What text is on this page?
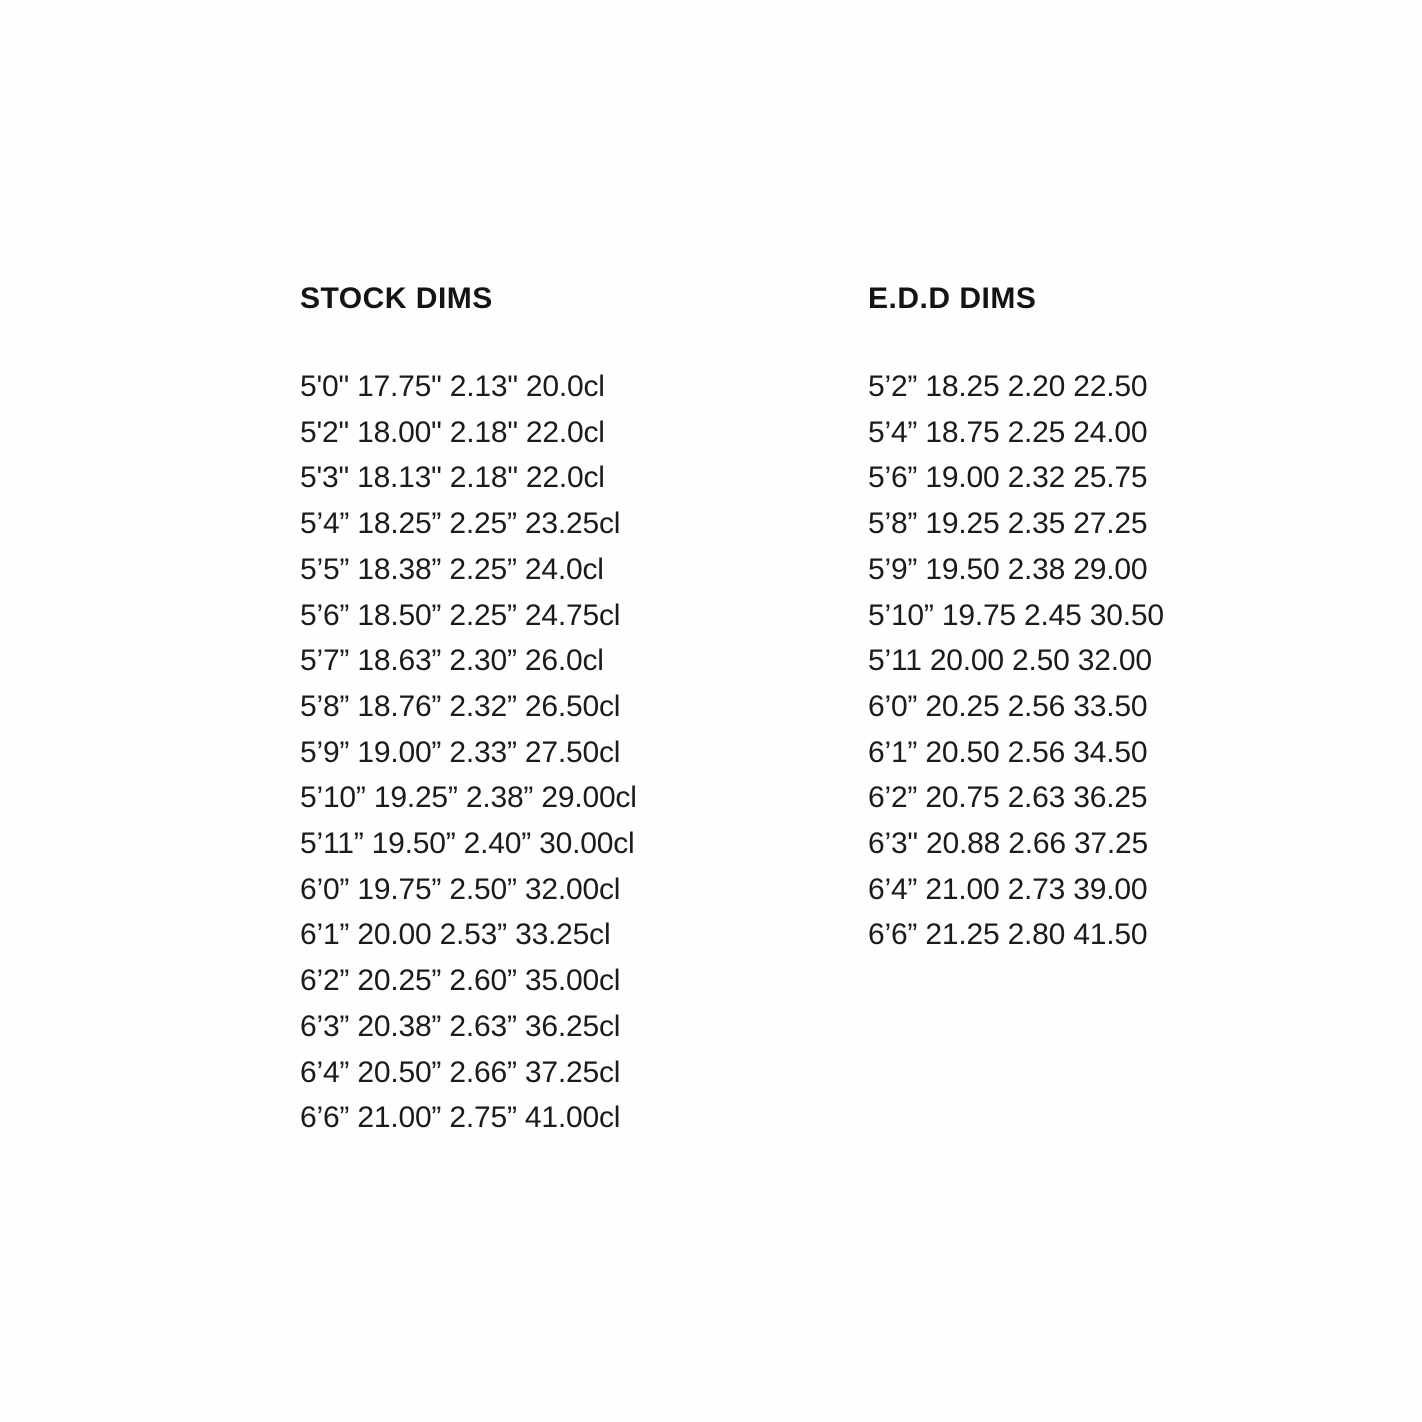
STOCK DIMS
5'0" 17.75" 2.13" 20.0cl
5'2" 18.00" 2.18" 22.0cl
5'3" 18.13" 2.18" 22.0cl
5’4” 18.25” 2.25” 23.25cl
5’5” 18.38” 2.25” 24.0cl
5’6” 18.50” 2.25” 24.75cl
5’7” 18.63” 2.30” 26.0cl
5’8” 18.76” 2.32” 26.50cl
5’9” 19.00” 2.33” 27.50cl
5’10” 19.25” 2.38” 29.00cl
5’11” 19.50” 2.40” 30.00cl
6’0” 19.75” 2.50” 32.00cl
6’1” 20.00 2.53” 33.25cl
6’2” 20.25” 2.60” 35.00cl
6’3” 20.38” 2.63” 36.25cl
6’4” 20.50” 2.66” 37.25cl
6’6” 21.00” 2.75” 41.00cl
E.D.D DIMS
5’2” 18.25 2.20 22.50
5’4” 18.75 2.25 24.00
5’6” 19.00 2.32 25.75
5’8” 19.25 2.35 27.25
5’9” 19.50 2.38 29.00
5’10” 19.75 2.45 30.50
5’11 20.00 2.50 32.00
6’0” 20.25 2.56 33.50
6’1” 20.50 2.56 34.50
6’2” 20.75 2.63 36.25
6’3" 20.88 2.66 37.25
6’4” 21.00 2.73 39.00
6’6” 21.25 2.80 41.50
